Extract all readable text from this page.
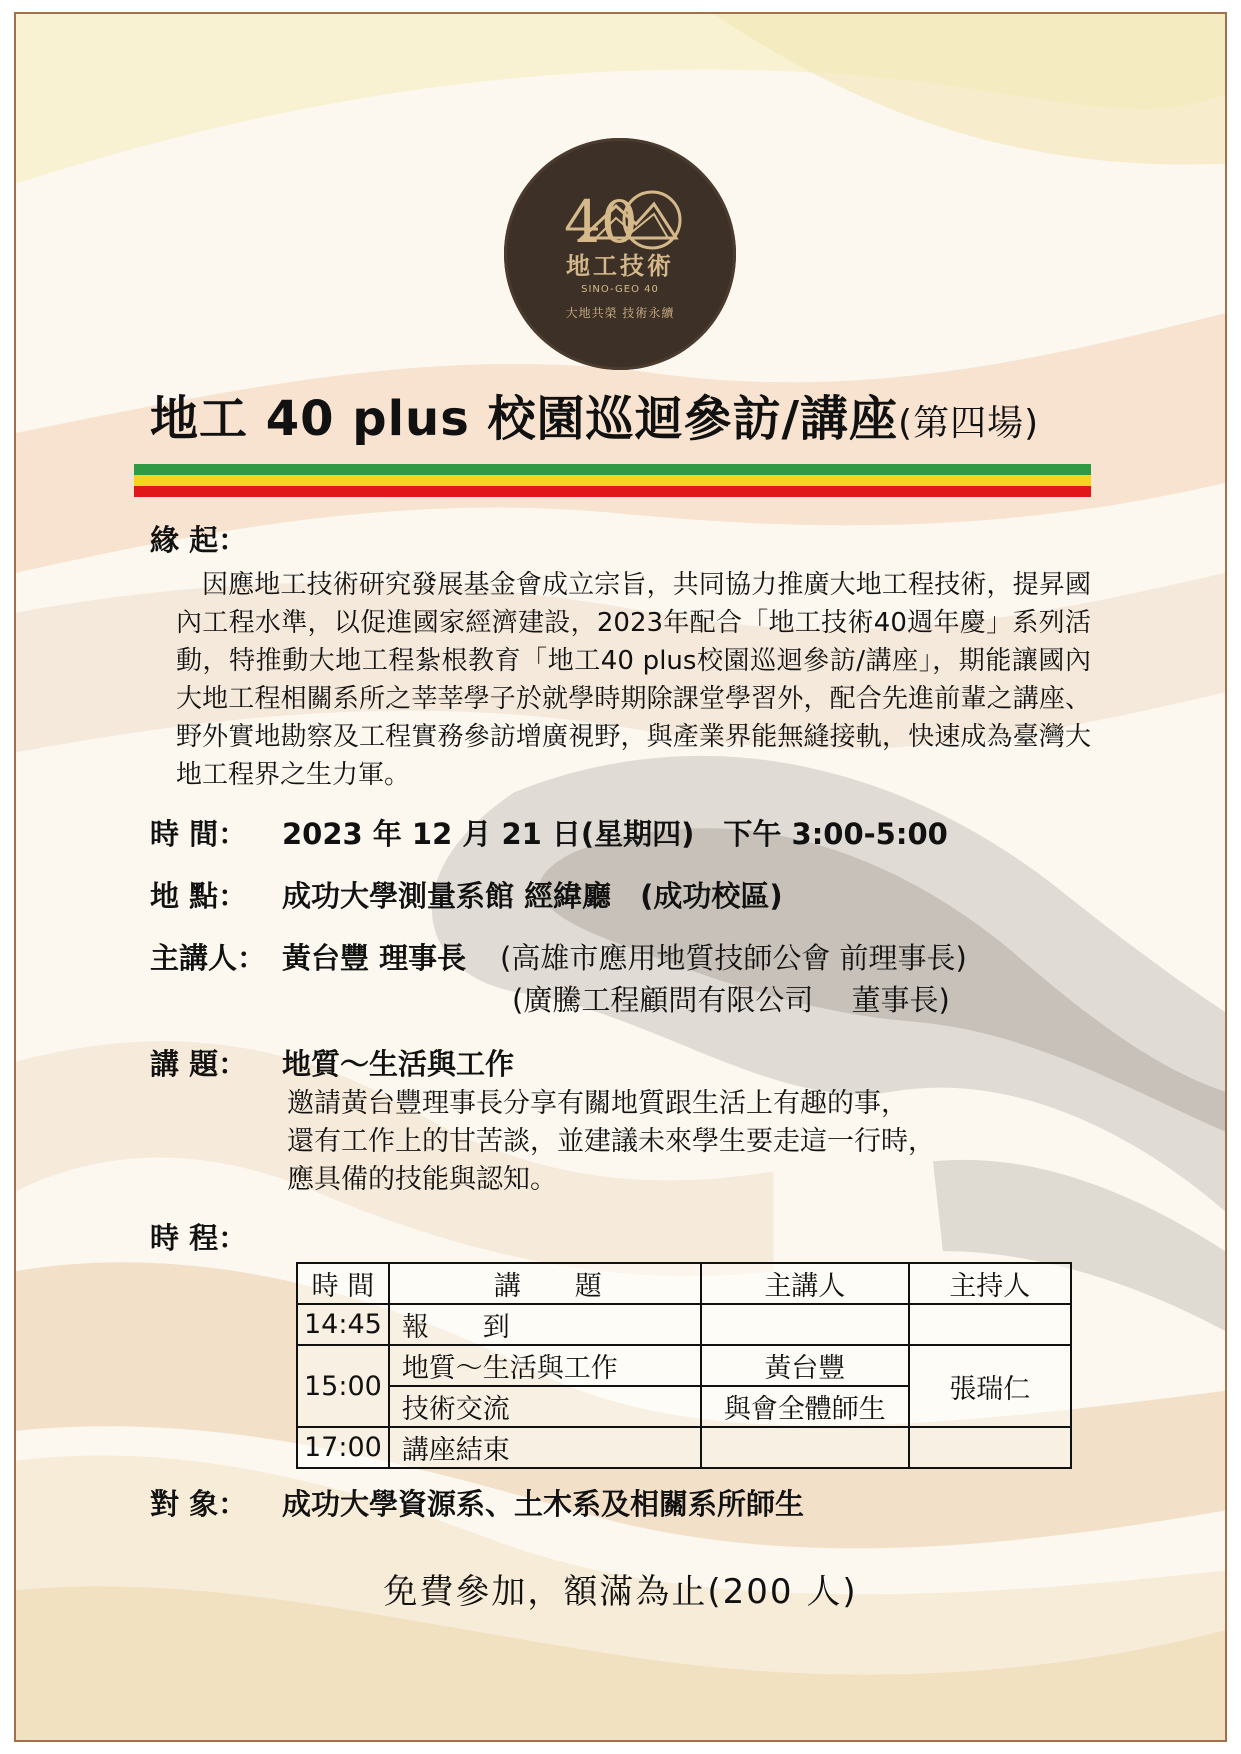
40
地工技術
SINO-GEO 40
大地共榮 技術永續
地工 40 plus 校園巡迴參訪/講座(第四場)
緣 起：
因應地工技術研究發展基金會成立宗旨，共同協力推廣大地工程技術，提昇國內工程水準，以促進國家經濟建設，2023年配合「地工技術40週年慶」系列活動，特推動大地工程紮根教育「地工40 plus校園巡迴參訪/講座」，期能讓國內大地工程相關系所之莘莘學子於就學時期除課堂學習外，配合先進前輩之講座、野外實地勘察及工程實務參訪增廣視野，與產業界能無縫接軌，快速成為臺灣大地工程界之生力軍。
時 間： 2023 年 12 月 21 日(星期四)　下午 3:00-5:00
地 點： 成功大學測量系館 經緯廳　(成功校區)
主講人： 黃台豐 理事長 (高雄市應用地質技師公會 前理事長)
(廣騰工程顧問有限公司　 董事長)
講 題： 地質～生活與工作
邀請黃台豐理事長分享有關地質跟生活上有趣的事，
還有工作上的甘苦談，並建議未來學生要走這一行時，
應具備的技能與認知。
時 程：
時 間	講　　題	主講人	主持人
14:45	報　　到		
15:00	地質～生活與工作	黃台豐	張瑞仁
	技術交流	與會全體師生	
17:00	講座結束		
對 象： 成功大學資源系、土木系及相關系所師生
免費參加，額滿為止(200 人)
